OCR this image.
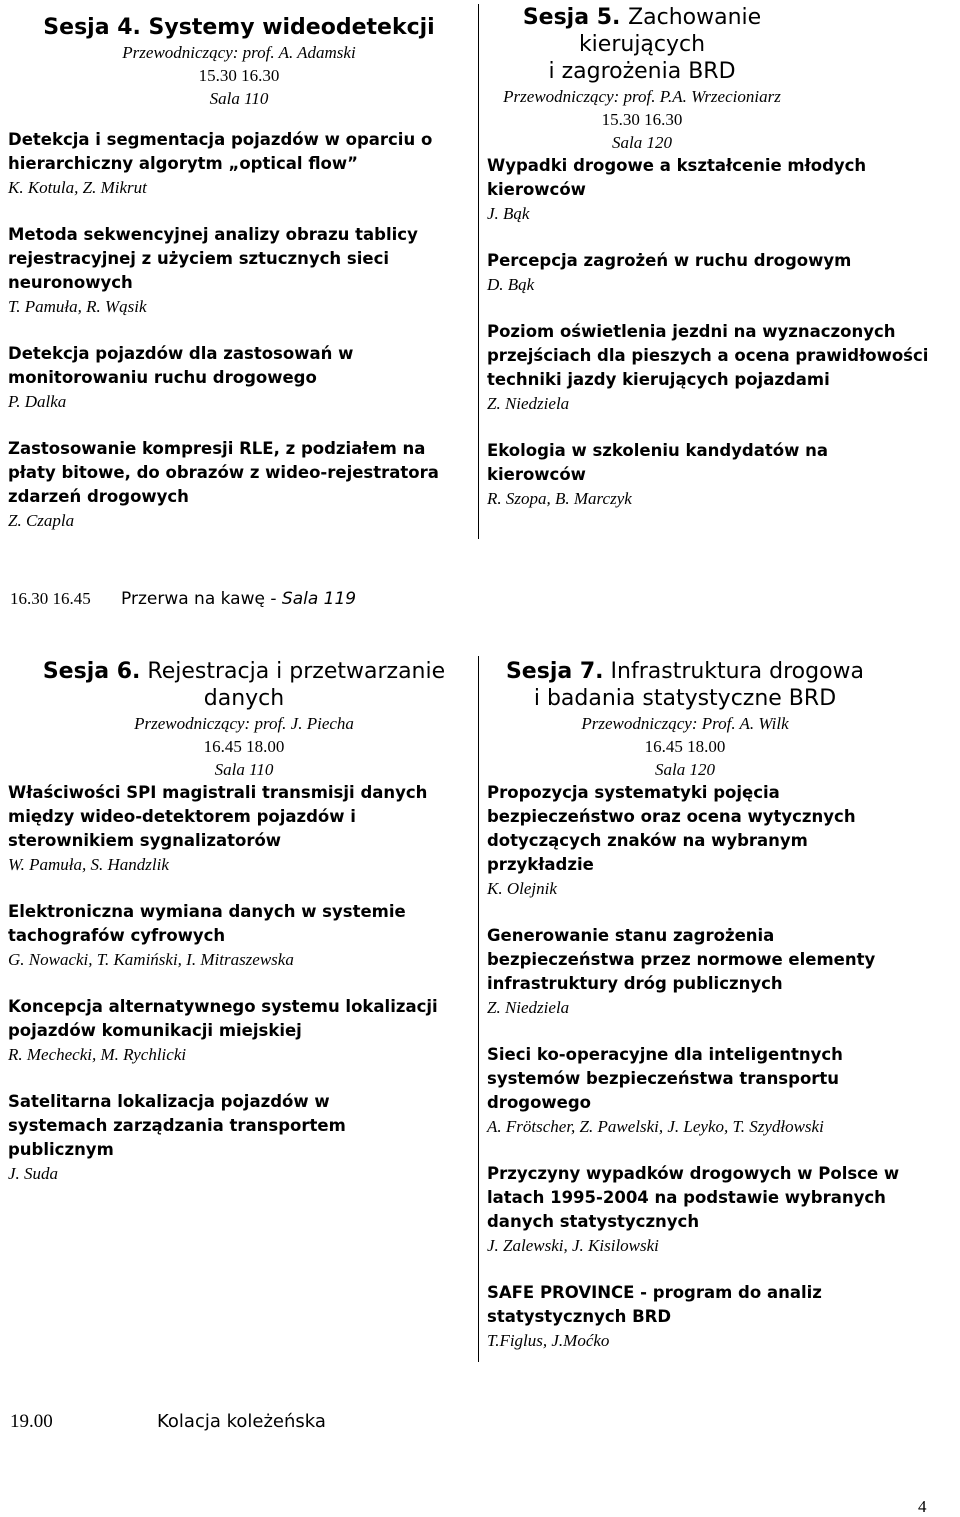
Sesja 4. Systemy wideodetekcji
Przewodniczący: prof. A. Adamski
15.30 16.30
Sala 110
Detekcja i segmentacja pojazdów w oparciu o hierarchiczny algorytm „optical flow”
K. Kotula, Z. Mikrut
Metoda sekwencyjnej analizy obrazu tablicy rejestracyjnej z użyciem sztucznych sieci neuronowych
T. Pamuła, R. Wąsik
Detekcja pojazdów dla zastosowań w monitorowaniu ruchu drogowego
P. Dalka
Zastosowanie kompresji RLE, z podziałem na płaty bitowe, do obrazów z wideo-rejestratora zdarzeń drogowych
Z. Czapla
Sesja 5. Zachowanie kierujących
i zagrożenia BRD
Przewodniczący: prof. P.A. Wrzecioniarz
15.30 16.30
Sala 120
Wypadki drogowe a kształcenie młodych kierowców
J. Bąk
Percepcja zagrożeń w ruchu drogowym
D. Bąk
Poziom oświetlenia jezdni na wyznaczonych przejściach dla pieszych a ocena prawidłowości techniki jazdy kierujących pojazdami
Z. Niedziela
Ekologia w szkoleniu kandydatów na kierowców
R. Szopa, B. Marczyk
16.30 16.45 Przerwa na kawę - Sala 119
Sesja 6. Rejestracja i przetwarzanie
danych
Przewodniczący: prof. J. Piecha
16.45 18.00
Sala 110
Właściwości SPI magistrali transmisji danych między wideo-detektorem pojazdów i sterownikiem sygnalizatorów
W. Pamuła, S. Handzlik
Elektroniczna wymiana danych w systemie tachografów cyfrowych
G. Nowacki, T. Kamiński, I. Mitraszewska
Koncepcja alternatywnego systemu lokalizacji pojazdów komunikacji miejskiej
R. Mechecki, M. Rychlicki
Satelitarna lokalizacja pojazdów w systemach zarządzania transportem publicznym
J. Suda
Sesja 7. Infrastruktura drogowa
i badania statystyczne BRD
Przewodniczący: Prof. A. Wilk
16.45 18.00
Sala 120
Propozycja systematyki pojęcia bezpieczeństwo oraz ocena wytycznych dotyczących znaków na wybranym przykładzie
K. Olejnik
Generowanie stanu zagrożenia bezpieczeństwa przez normowe elementy infrastruktury dróg publicznych
Z. Niedziela
Sieci ko-operacyjne dla inteligentnych systemów bezpieczeństwa transportu drogowego
A. Frötscher, Z. Pawelski, J. Leyko, T. Szydłowski
Przyczyny wypadków drogowych w Polsce w latach 1995-2004 na podstawie wybranych danych statystycznych
J. Zalewski, J. Kisilowski
SAFE PROVINCE - program do analiz statystycznych BRD
T.Figlus, J.Moćko
19.00	Kolacja koleżeńska
4
